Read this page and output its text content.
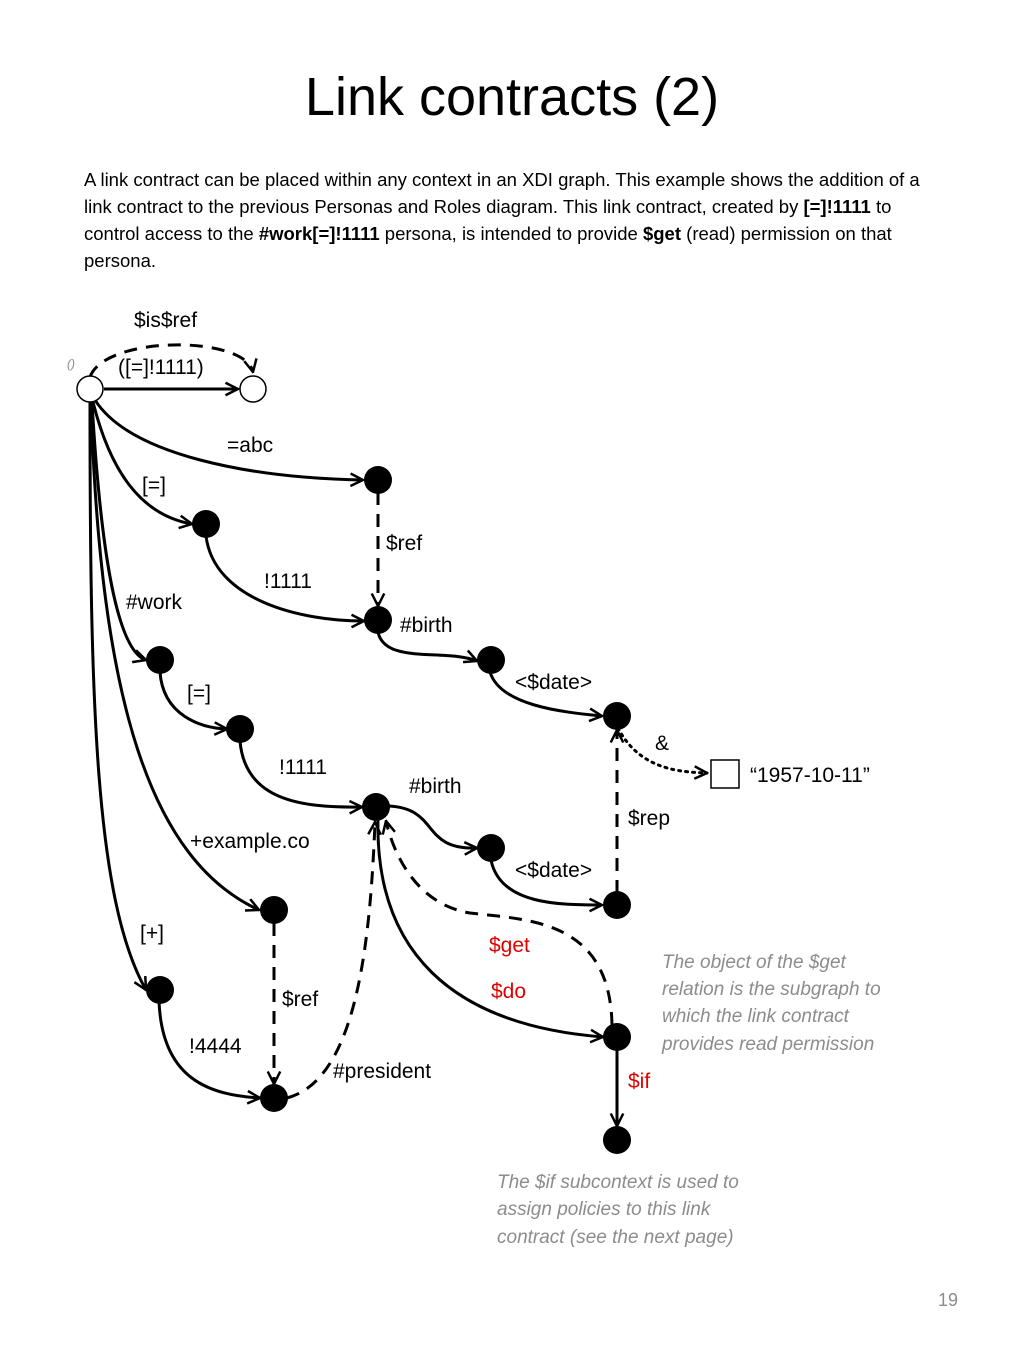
Link contracts (2)

A link contract can be placed within any context in an XDI graph. This example shows the addition of a link contract to the previous Personas and Roles diagram. This link contract, created by [=]!1111 to control access to the #work[=]!1111 persona, is intended to provide $get (read) permission on that persona.

()
$is$ref
([=]!1111)
=abc
[=]
$ref
!1111
#work
#birth
<$date>
[=]
&
“1957-10-11”
!1111
#birth
$rep
+example.co
<$date>
[+]
$get
$ref	$do
!4444
#president	$if
The object of the $get
relation is the subgraph to
which the link contract
provides read permission
The $if subcontext is used to
assign policies to this link
contract (see the next page)
19
